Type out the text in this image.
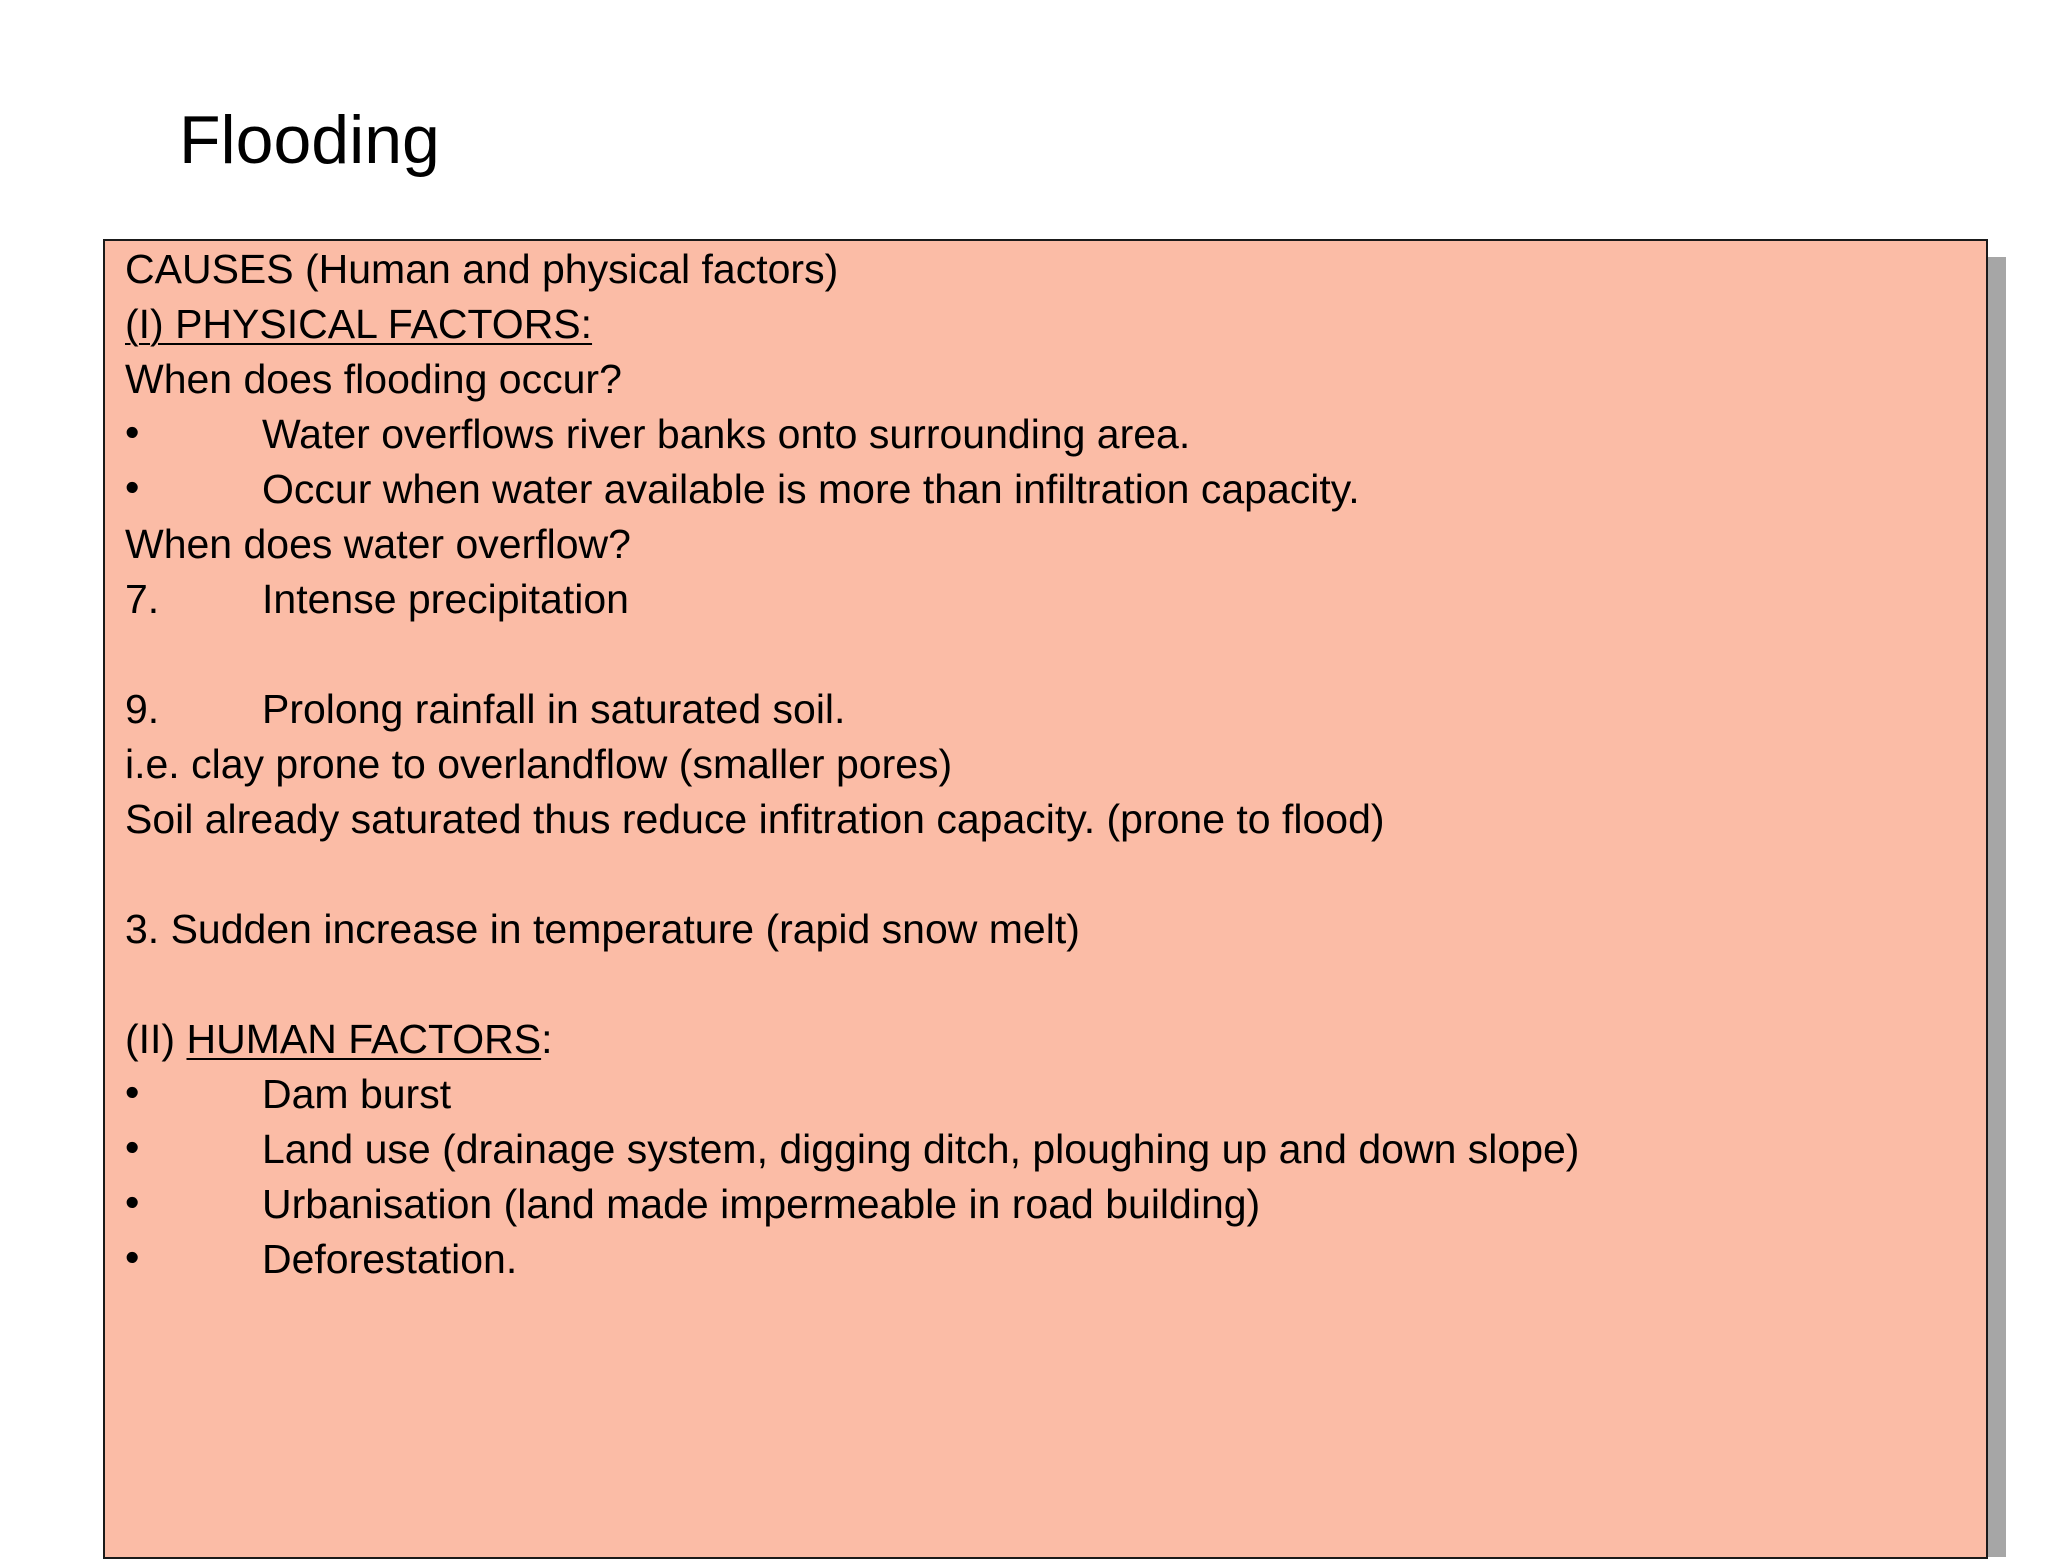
Flooding
CAUSES (Human and physical factors)
(I) PHYSICAL FACTORS:
When does flooding occur?
•	Water overflows river banks onto surrounding area.
•	Occur when water available is more than infiltration capacity.
When does water overflow?
7.	Intense precipitation
9.	Prolong rainfall in saturated soil.
i.e. clay prone to overlandflow (smaller pores)
Soil already saturated thus reduce infitration capacity. (prone to flood)
3. Sudden increase in temperature (rapid snow melt)
(II) HUMAN FACTORS:
•	Dam burst
•	Land use (drainage system, digging ditch, ploughing up and down slope)
•	Urbanisation (land made impermeable in road building)
•	Deforestation.
